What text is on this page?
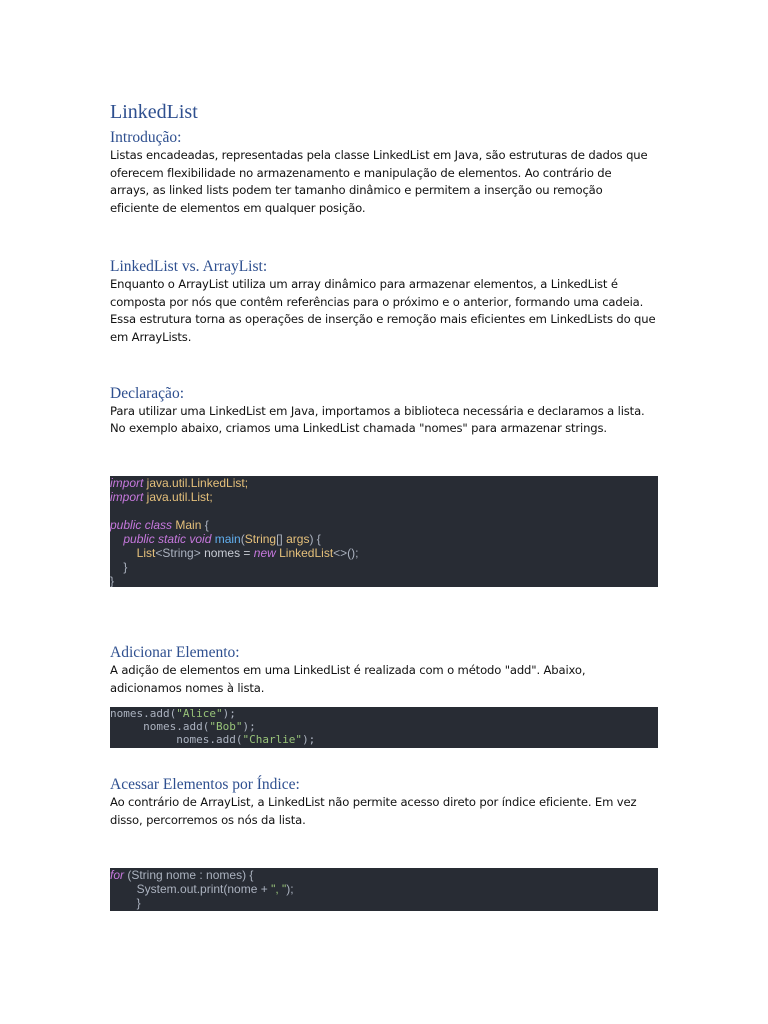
LinkedList
Introdução:

Listas encadeadas, representadas pela classe LinkedList em Java, são estruturas de dados que

oferecem flexibilidade no armazenamento e manipulação de elementos. Ao contrário de

arrays, as linked lists podem ter tamanho dinâmico e permitem a inserção ou remoção

eficiente de elementos em qualquer posição.

LinkedList vs. ArrayList:

Enquanto o ArrayList utiliza um array dinâmico para armazenar elementos, a LinkedList é

composta por nós que contêm referências para o próximo e o anterior, formando uma cadeia.

Essa estrutura torna as operações de inserção e remoção mais eficientes em LinkedLists do que

em ArrayLists.

Declaração:

Para utilizar uma LinkedList em Java, importamos a biblioteca necessária e declaramos a lista.

No exemplo abaixo, criamos uma LinkedList chamada "nomes" para armazenar strings.

import java.util.LinkedList;
import java.util.List;
public class Main {
public static void main(String[] args) {
List<String> nomes = new LinkedList<>();
}
}
Adicionar Elemento:

A adição de elementos em uma LinkedList é realizada com o método "add". Abaixo,

adicionamos nomes à lista.

nomes.add("Alice");
nomes.add("Bob");
nomes.add("Charlie");
Acessar Elementos por Índice:

Ao contrário de ArrayList, a LinkedList não permite acesso direto por índice eficiente. Em vez

disso, percorremos os nós da lista.

for (String nome : nomes) {
System.out.print(nome + ", ");
}
